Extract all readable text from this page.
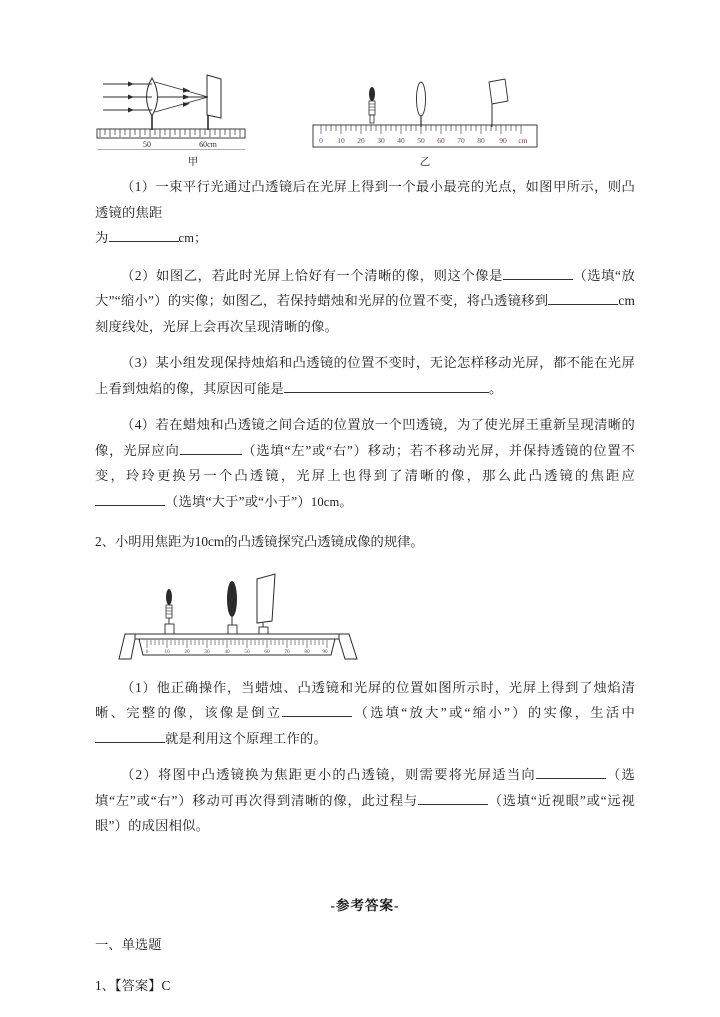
50	60cm
甲
0 10 20 30 40 50 60 70 80 90 cm
乙

（1）一束平行光通过凸透镜后在光屏上得到一个最小最亮的光点，如图甲所示，则凸透镜的焦距

为	cm；

（2）如图乙，若此时光屏上恰好有一个清晰的像，则这个像是	（选填“放大”“缩小”）的实像；如图乙，若保持蜡烛和光屏的位置不变，将凸透镜移到	cm 刻度线处，光屏上会再次呈现清晰的像。

（3）某小组发现保持烛焰和凸透镜的位置不变时，无论怎样移动光屏，都不能在光屏上看到烛焰的像，其原因可能是	。

（4）若在蜡烛和凸透镜之间合适的位置放一个凹透镜，为了使光屏王重新呈现清晰的像，光屏应向	（选填“左”或“右”）移动；若不移动光屏，并保持透镜的位置不变，玲玲更换另一个凸透镜，光屏上也得到了清晰的像，那么此凸透镜的焦距应（选填“大于”或“小于”）10cm。

2、小明用焦距为10cm的凸透镜探究凸透镜成像的规律。

0	10	20	30	40	50	60	70	80 90

（1）他正确操作，当蜡烛、凸透镜和光屏的位置如图所示时，光屏上得到了烛焰清晰、完整的像，该像是倒立	（选填“放大”或“缩小”）的实像，生活中就是利用这个原理工作的。

（2）将图中凸透镜换为焦距更小的凸透镜，则需要将光屏适当向	（选填“左”或“右”）移动可再次得到清晰的像，此过程与	（选填“近视眼”或“远视眼”）的成因相似。

-参考答案-
一、单选题
1、【答案】C
